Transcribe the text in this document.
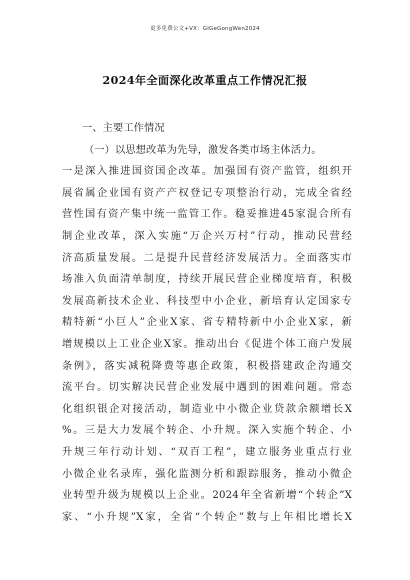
更多免费公文+VX：GlGeGongWen2024
2024年全面深化改革重点工作情况汇报
一、主要工作情况
（一）以思想改革为先导，激发各类市场主体活力。
一是深入推进国资国企改革。加强国有资产监管，组织开
展省属企业国有资产产权登记专项整治行动，完成全省经
营性国有资产集中统一监管工作。稳妥推进45家混合所有
制企业改革，深入实施“万企兴万村”行动，推动民营经
济高质量发展。二是提升民营经济发展活力。全面落实市
场准入负面清单制度，持续开展民营企业梯度培育，积极
发展高新技术企业、科技型中小企业，新培育认定国家专
精特新“小巨人”企业X家、省专精特新中小企业X家，新
增规模以上工业企业X家。推动出台《促进个体工商户发展
条例》，落实减税降费等惠企政策，积极搭建政企沟通交
流平台。切实解决民营企业发展中遇到的困难问题。常态
化组织银企对接活动，制造业中小微企业贷款余额增长X
%。三是大力发展个转企、小升规。深入实施个转企、小
升规三年行动计划、“双百工程”，建立服务业重点行业
小微企业名录库，强化监测分析和跟踪服务，推动小微企
业转型升级为规模以上企业。2024年全省新增“个转企”X
家、“小升规”X家，全省“个转企”数与上年相比增长X
